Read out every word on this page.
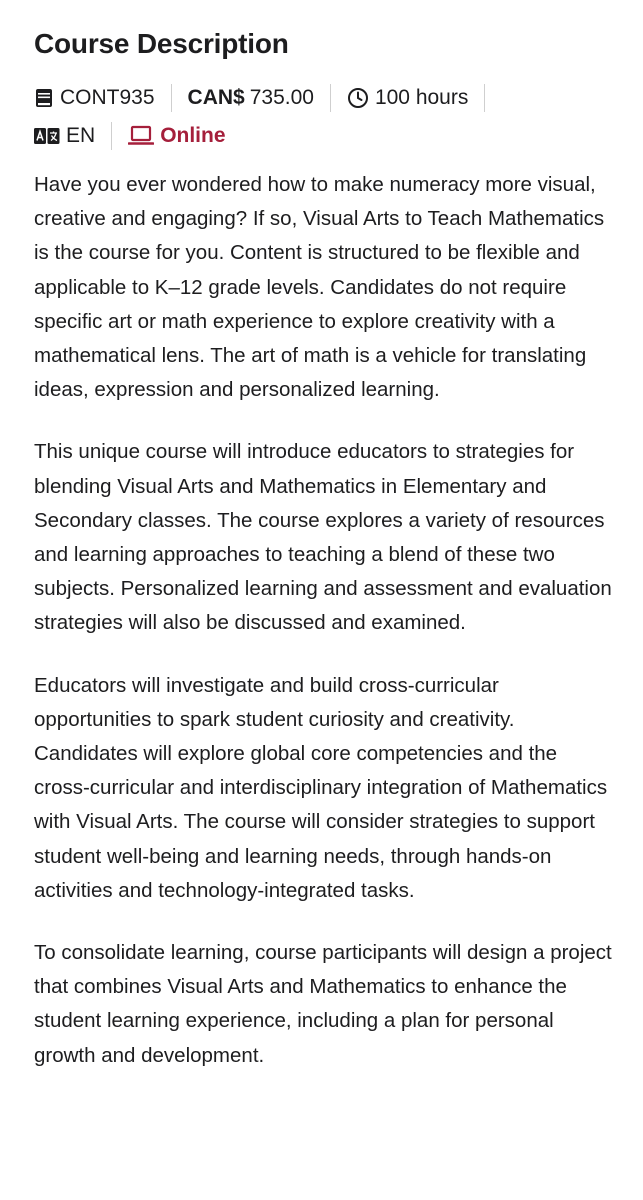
Course Description
CONT935 CAN$ 735.00	100 hours
EN	Online

Have you ever wondered how to make numeracy more visual, creative and engaging? If so, Visual Arts to Teach Mathematics is the course for you. Content is structured to be flexible and applicable to K–12 grade levels. Candidates do not require specific art or math experience to explore creativity with a mathematical lens. The art of math is a vehicle for translating ideas, expression and personalized learning.

This unique course will introduce educators to strategies for blending Visual Arts and Mathematics in Elementary and Secondary classes. The course explores a variety of resources and learning approaches to teaching a blend of these two subjects. Personalized learning and assessment and evaluation strategies will also be discussed and examined.

Educators will investigate and build cross-curricular opportunities to spark student curiosity and creativity. Candidates will explore global core competencies and the cross-curricular and interdisciplinary integration of Mathematics with Visual Arts. The course will consider strategies to support student well-being and learning needs, through hands-on activities and technology-integrated tasks.

To consolidate learning, course participants will design a project that combines Visual Arts and Mathematics to enhance the student learning experience, including a plan for personal growth and development.
